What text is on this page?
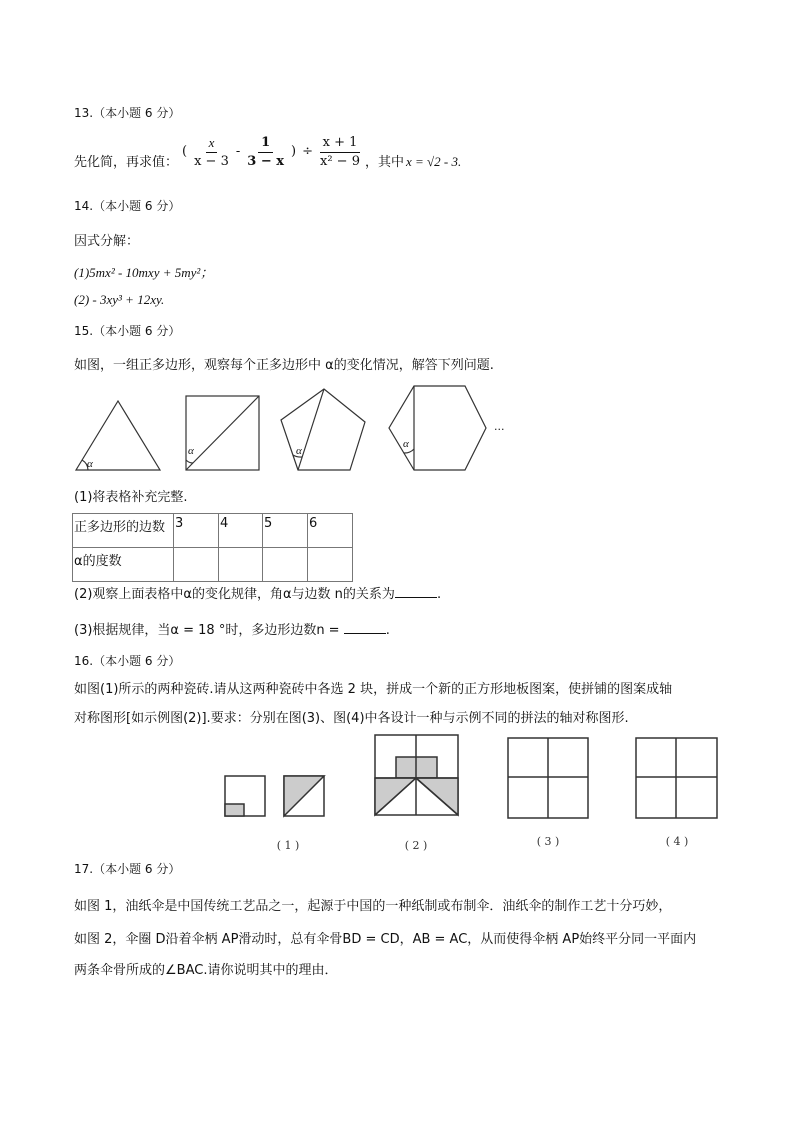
13.（本小题 6 分）
先化简，再求值：
( $\frac{x}{x - 3} - \frac{1}{3 - x}$ ) ÷ $\frac{x + 1}{\text{x² − 9}}$ ，其中 x = √2 - 3.
14.（本小题 6 分）
因式分解：
(1)5mx² - 10mxy + 5my²；
(2) - 3xy³ + 12xy.
15.（本小题 6 分）
如图，一组正多边形，观察每个正多边形中 α的变化情况，解答下列问题.
α
α	α
α
···
(1)将表格补充完整.
正多边形的边数	3	4	5	6
α的度数				
(2)观察上面表格中α的变化规律，角α与边数 n的关系为	.
(3)根据规律，当α = 18 °时，多边形边数n =	.
16.（本小题 6 分）
如图(1)所示的两种瓷砖.请从这两种瓷砖中各选 2 块，拼成一个新的正方形地板图案，使拼铺的图案成轴
对称图形[如示例图(2)].要求：分别在图(3)、图(4)中各设计一种与示例不同的拼法的轴对称图形.
( 1 )	( 2 )	( 3 )	( 4 )
17.（本小题 6 分）
如图 1，油纸伞是中国传统工艺品之一，起源于中国的一种纸制或布制伞．油纸伞的制作工艺十分巧妙，
如图 2，伞圈 D沿着伞柄 AP滑动时，总有伞骨BD = CD，AB = AC，从而使得伞柄 AP始终平分同一平面内
两条伞骨所成的∠BAC.请你说明其中的理由．
